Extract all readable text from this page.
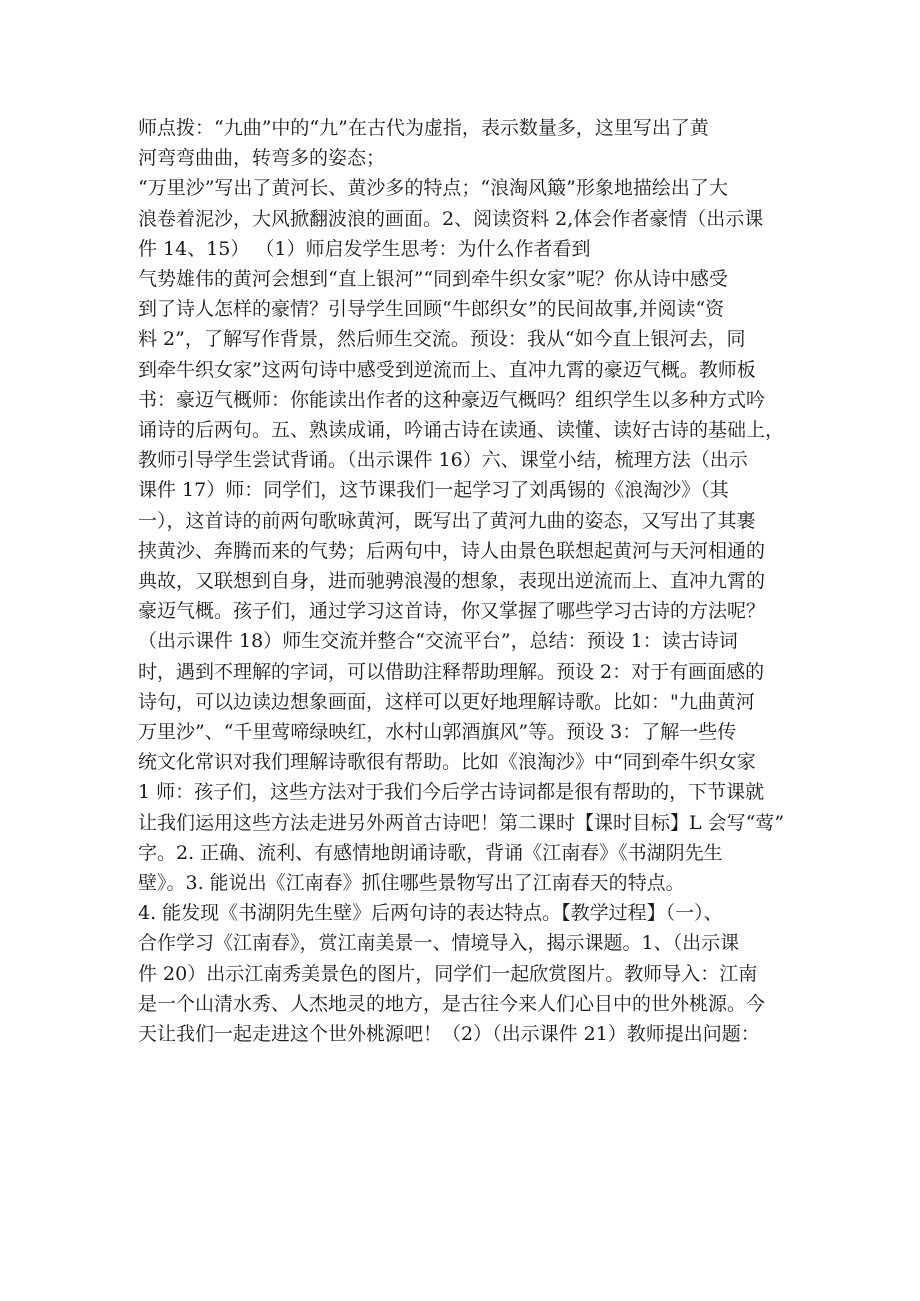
师点拨：“九曲”中的“九”在古代为虚指，表示数量多，这里写出了黄
河弯弯曲曲，转弯多的姿态；
“万里沙”写出了黄河长、黄沙多的特点；“浪淘风簸”形象地描绘出了大
浪卷着泥沙，大风掀翻波浪的画面。2、阅读资料 2,体会作者豪情（出示课
件 14、15） （1）师启发学生思考：为什么作者看到
气势雄伟的黄河会想到“直上银河”“同到牵牛织女家”呢？你从诗中感受
到了诗人怎样的豪情？引导学生回顾“牛郎织女”的民间故事,并阅读“资
料 2”，了解写作背景，然后师生交流。预设：我从“如今直上银河去，同
到牵牛织女家”这两句诗中感受到逆流而上、直冲九霄的豪迈气概。教师板
书：豪迈气概师：你能读出作者的这种豪迈气概吗？组织学生以多种方式吟
诵诗的后两句。五、熟读成诵，吟诵古诗在读通、读懂、读好古诗的基础上，
教师引导学生尝试背诵。（出示课件 16）六、课堂小结，梳理方法（出示
课件 17）师：同学们，这节课我们一起学习了刘禹锡的《浪淘沙》（其
一），这首诗的前两句歌咏黄河，既写出了黄河九曲的姿态，又写出了其裹
挟黄沙、奔腾而来的气势；后两句中，诗人由景色联想起黄河与天河相通的
典故，又联想到自身，进而驰骋浪漫的想象，表现出逆流而上、直冲九霄的
豪迈气概。孩子们，通过学习这首诗，你又掌握了哪些学习古诗的方法呢？
（出示课件 18）师生交流并整合“交流平台”，总结：预设 1：读古诗词
时，遇到不理解的字词，可以借助注释帮助理解。预设 2：对于有画面感的
诗句，可以边读边想象画面，这样可以更好地理解诗歌。比如："九曲黄河
万里沙”、“千里莺啼绿映红，水村山郭酒旗风”等。预设 3：了解一些传
统文化常识对我们理解诗歌很有帮助。比如《浪淘沙》中“同到牵牛织女家
1 师：孩子们，这些方法对于我们今后学古诗词都是很有帮助的，下节课就
让我们运用这些方法走进另外两首古诗吧！第二课时【课时目标】L 会写“莺”
字。2. 正确、流利、有感情地朗诵诗歌，背诵《江南春》《书湖阴先生
壁》。3. 能说出《江南春》抓住哪些景物写出了江南春天的特点。
4. 能发现《书湖阴先生壁》后两句诗的表达特点。【教学过程】（一）、
合作学习《江南春》，赏江南美景一、情境导入，揭示课题。1、（出示课
件 20）出示江南秀美景色的图片，同学们一起欣赏图片。教师导入：江南
是一个山清水秀、人杰地灵的地方，是古往今来人们心目中的世外桃源。今
天让我们一起走进这个世外桃源吧！（2）（出示课件 21）教师提出问题：
